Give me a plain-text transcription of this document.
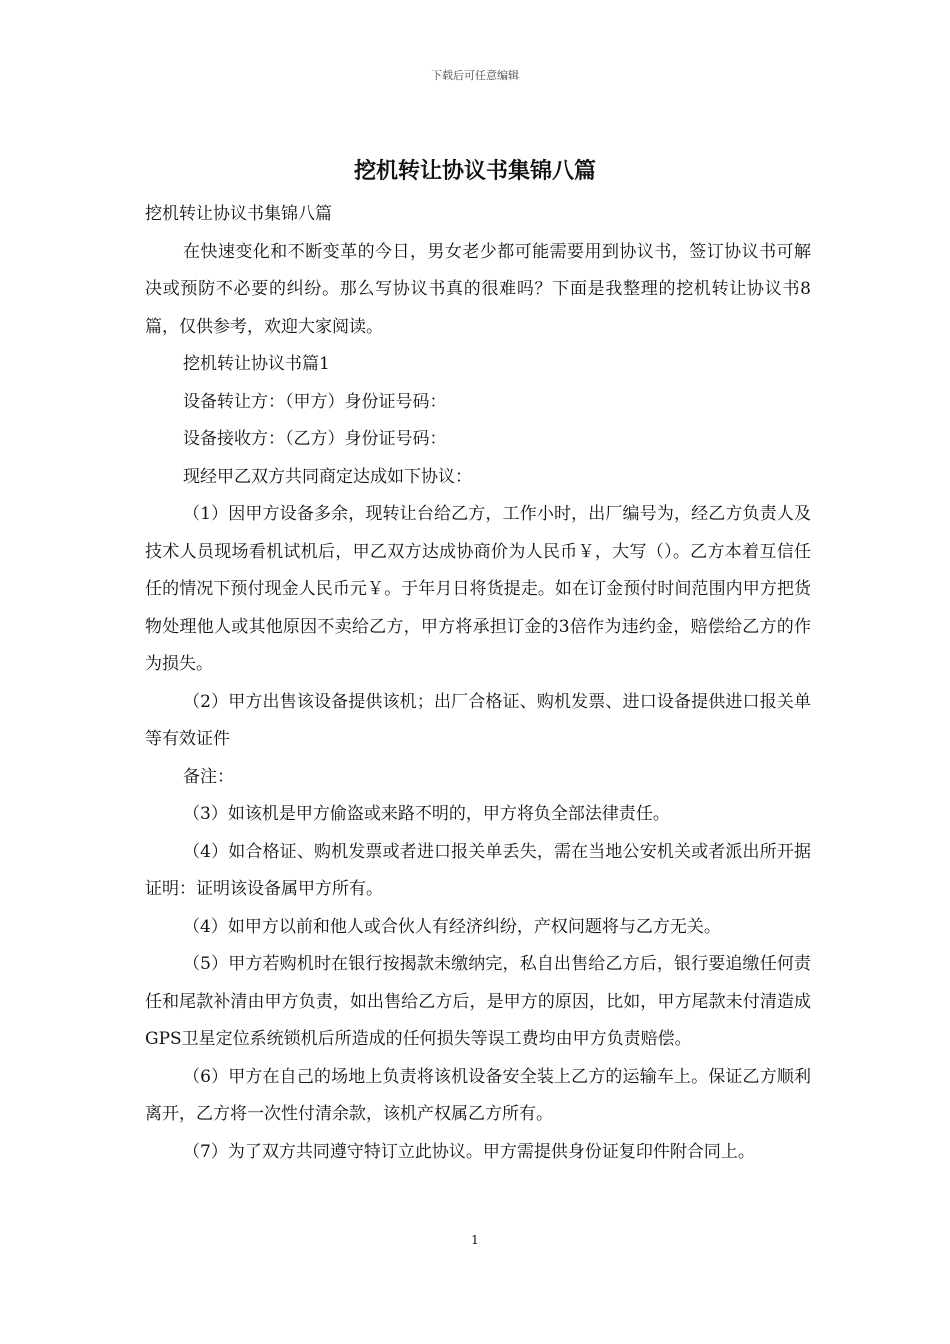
下载后可任意编辑
挖机转让协议书集锦八篇

挖机转让协议书集锦八篇

在快速变化和不断变革的今日，男女老少都可能需要用到协议书，签订协议书可解决或预防不必要的纠纷。那么写协议书真的很难吗？下面是我整理的挖机转让协议书8篇，仅供参考，欢迎大家阅读。

挖机转让协议书篇1

设备转让方：（甲方）身份证号码：

设备接收方：（乙方）身份证号码：

现经甲乙双方共同商定达成如下协议：

（1）因甲方设备多余，现转让台给乙方，工作小时，出厂编号为，经乙方负责人及技术人员现场看机试机后，甲乙双方达成协商价为人民币￥，大写（）。乙方本着互信任任的情况下预付现金人民币元￥。于年月日将货提走。如在订金预付时间范围内甲方把货物处理他人或其他原因不卖给乙方，甲方将承担订金的3倍作为违约金，赔偿给乙方的作为损失。

（2）甲方出售该设备提供该机；出厂合格证、购机发票、进口设备提供进口报关单等有效证件

备注：

（3）如该机是甲方偷盗或来路不明的，甲方将负全部法律责任。

（4）如合格证、购机发票或者进口报关单丢失，需在当地公安机关或者派出所开据证明：证明该设备属甲方所有。

（4）如甲方以前和他人或合伙人有经济纠纷，产权问题将与乙方无关。

（5）甲方若购机时在银行按揭款未缴纳完，私自出售给乙方后，银行要追缴任何责任和尾款补清由甲方负责，如出售给乙方后，是甲方的原因，比如，甲方尾款未付清造成GPS卫星定位系统锁机后所造成的任何损失等误工费均由甲方负责赔偿。

（6）甲方在自己的场地上负责将该机设备安全装上乙方的运输车上。保证乙方顺利离开，乙方将一次性付清余款，该机产权属乙方所有。

（7）为了双方共同遵守特订立此协议。甲方需提供身份证复印件附合同上。

1
